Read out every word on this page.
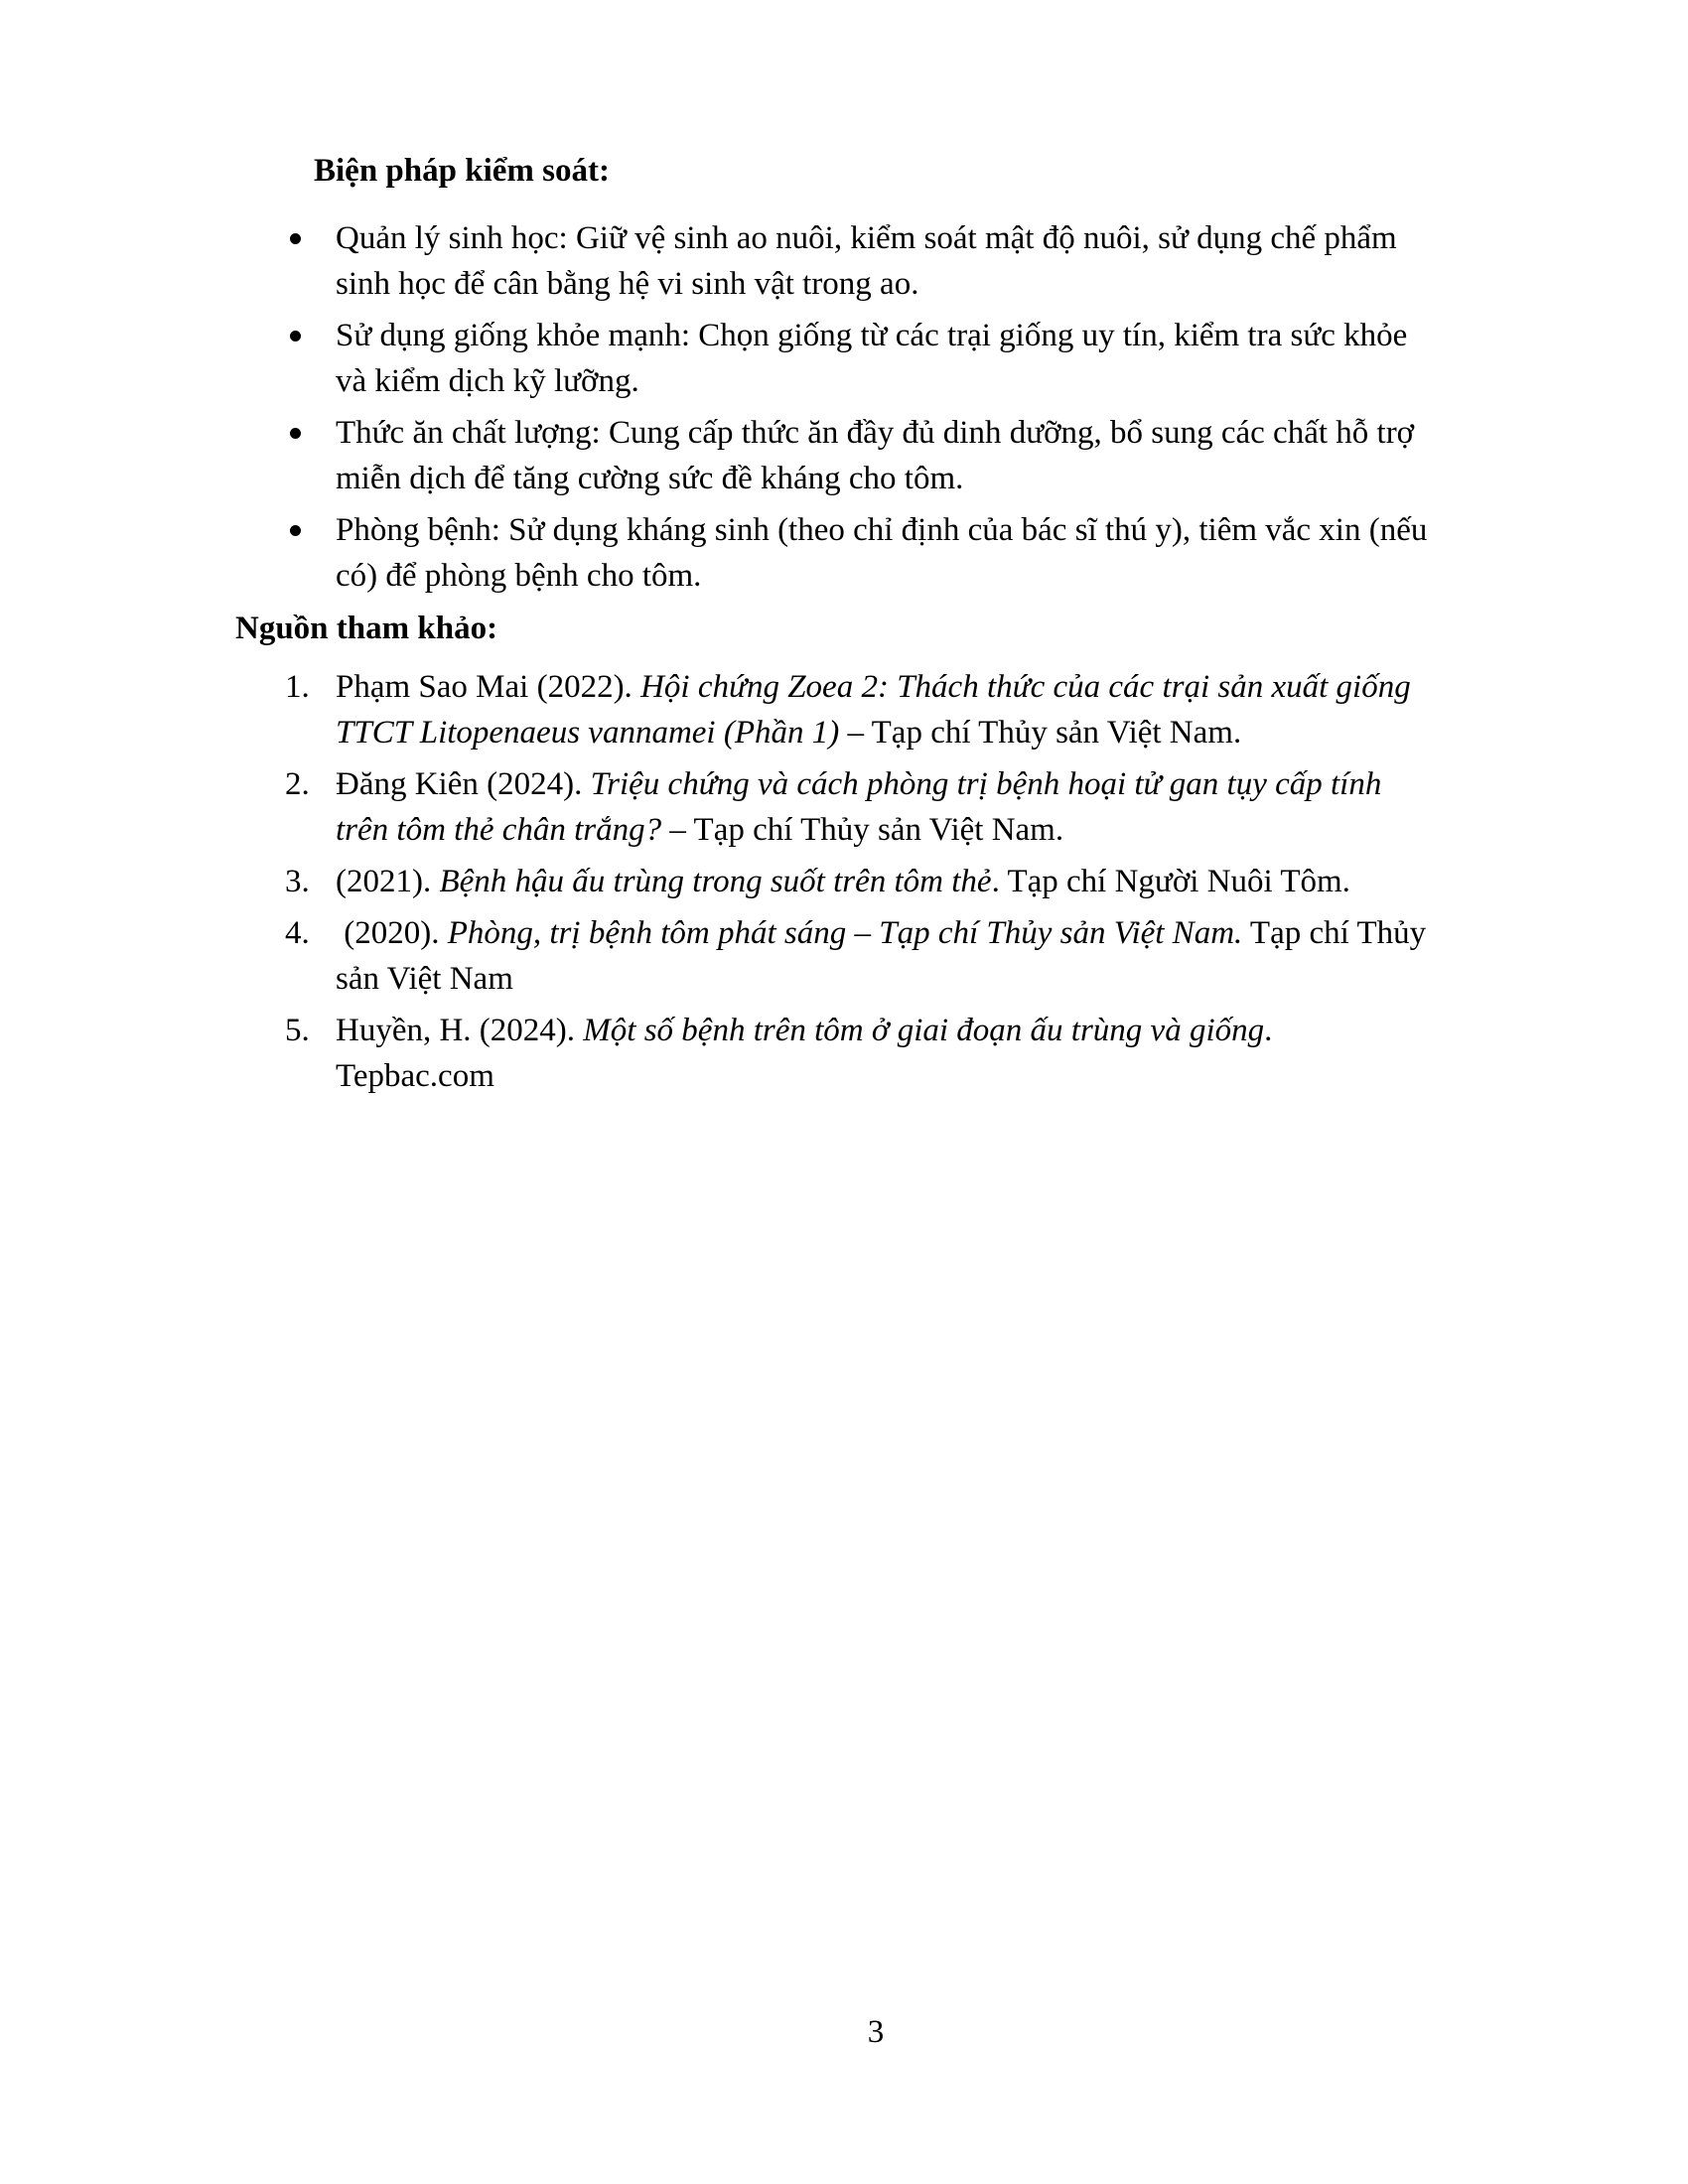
Biện pháp kiểm soát:
Quản lý sinh học: Giữ vệ sinh ao nuôi, kiểm soát mật độ nuôi, sử dụng chế phẩm
sinh học để cân bằng hệ vi sinh vật trong ao.
Sử dụng giống khỏe mạnh: Chọn giống từ các trại giống uy tín, kiểm tra sức khỏe
và kiểm dịch kỹ lưỡng.
Thức ăn chất lượng: Cung cấp thức ăn đầy đủ dinh dưỡng, bổ sung các chất hỗ trợ
miễn dịch để tăng cường sức đề kháng cho tôm.
Phòng bệnh: Sử dụng kháng sinh (theo chỉ định của bác sĩ thú y), tiêm vắc xin (nếu
có) để phòng bệnh cho tôm.
Nguồn tham khảo:
1. Phạm Sao Mai (2022). Hội chứng Zoea 2: Thách thức của các trại sản xuất giống
TTCT Litopenaeus vannamei (Phần 1) – Tạp chí Thủy sản Việt Nam.
2. Đăng Kiên (2024). Triệu chứng và cách phòng trị bệnh hoại tử gan tụy cấp tính
trên tôm thẻ chân trắng? – Tạp chí Thủy sản Việt Nam.
3. (2021). Bệnh hậu ấu trùng trong suốt trên tôm thẻ. Tạp chí Người Nuôi Tôm.
4. (2020). Phòng, trị bệnh tôm phát sáng – Tạp chí Thủy sản Việt Nam. Tạp chí Thủy
sản Việt Nam
5. Huyền, H. (2024). Một số bệnh trên tôm ở giai đoạn ấu trùng và giống.
Tepbac.com
3
